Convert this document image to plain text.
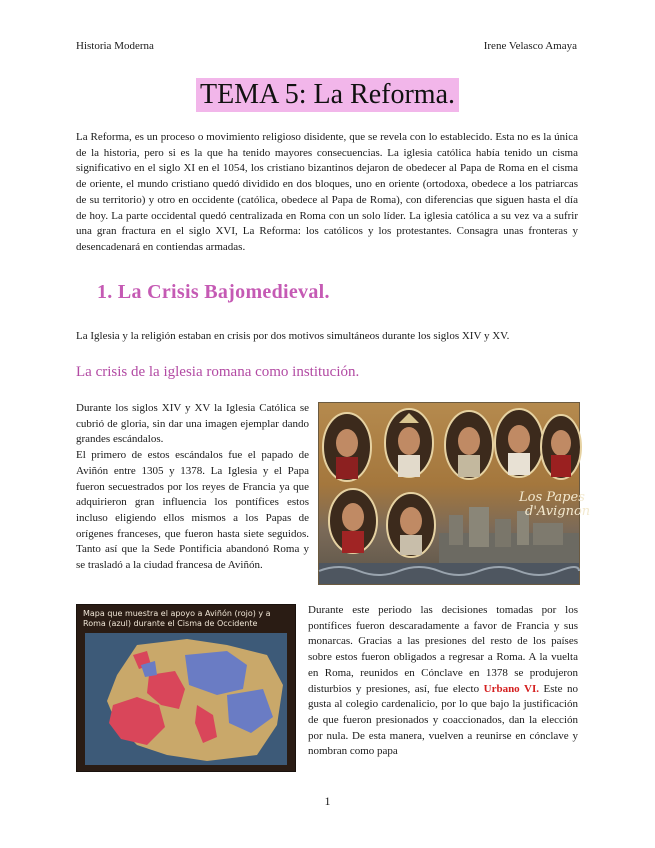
Historia Moderna	Irene Velasco Amaya
TEMA 5: La Reforma.
La Reforma, es un proceso o movimiento religioso disidente, que se revela con lo establecido. Esta no es la única de la historia, pero si es la que ha tenido mayores consecuencias. La iglesia católica había tenido un cisma significativo en el siglo XI en el 1054, los cristiano bizantinos dejaron de obedecer al Papa de Roma en el cisma de oriente, el mundo cristiano quedó dividido en dos bloques, uno en oriente (ortodoxa, obedece a los patriarcas de su territorio) y otro en occidente (católica, obedece al Papa de Roma), con diferencias que siguen hasta el día de hoy. La parte occidental quedó centralizada en Roma con un solo líder. La iglesia católica a su vez va a sufrir una gran fractura en el siglo XVI, La Reforma: los católicos y los protestantes. Consagra unas fronteras y desencadenará en contiendas armadas.
1. La Crisis Bajomedieval.
La Iglesia y la religión estaban en crisis por dos motivos simultáneos durante los siglos XIV y XV.
La crisis de la iglesia romana como institución.
Durante los siglos XIV y XV la Iglesia Católica se cubrió de gloria, sin dar una imagen ejemplar dando grandes escándalos.
El primero de estos escándalos fue el papado de Aviñón entre 1305 y 1378. La Iglesia y el Papa fueron secuestrados por los reyes de Francia ya que adquirieron gran influencia los pontífices estos incluso eligiendo ellos mismos a los Papas de orígenes franceses, que fueron hasta siete seguidos. Tanto así que la Sede Pontificia abandonó Roma y se trasladó a la ciudad francesa de Aviñón.
Los Papes
d'Avignon
Mapa que muestra el apoyo a Aviñón (rojo) y a Roma (azul) durante el Cisma de Occidente
Durante este periodo las decisiones tomadas por los pontífices fueron descaradamente a favor de Francia y sus monarcas. Gracias a las presiones del resto de los países sobre estos fueron obligados a regresar a Roma. A la vuelta en Roma, reunidos en Cónclave en 1378 se produjeron disturbios y presiones, así, fue electo Urbano VI. Este no gusta al colegio cardenalicio, por lo que bajo la justificación de que fueron presionados y coaccionados, dan la elección por nula. De esta manera, vuelven a reunirse en cónclave y nombran como papa
1
